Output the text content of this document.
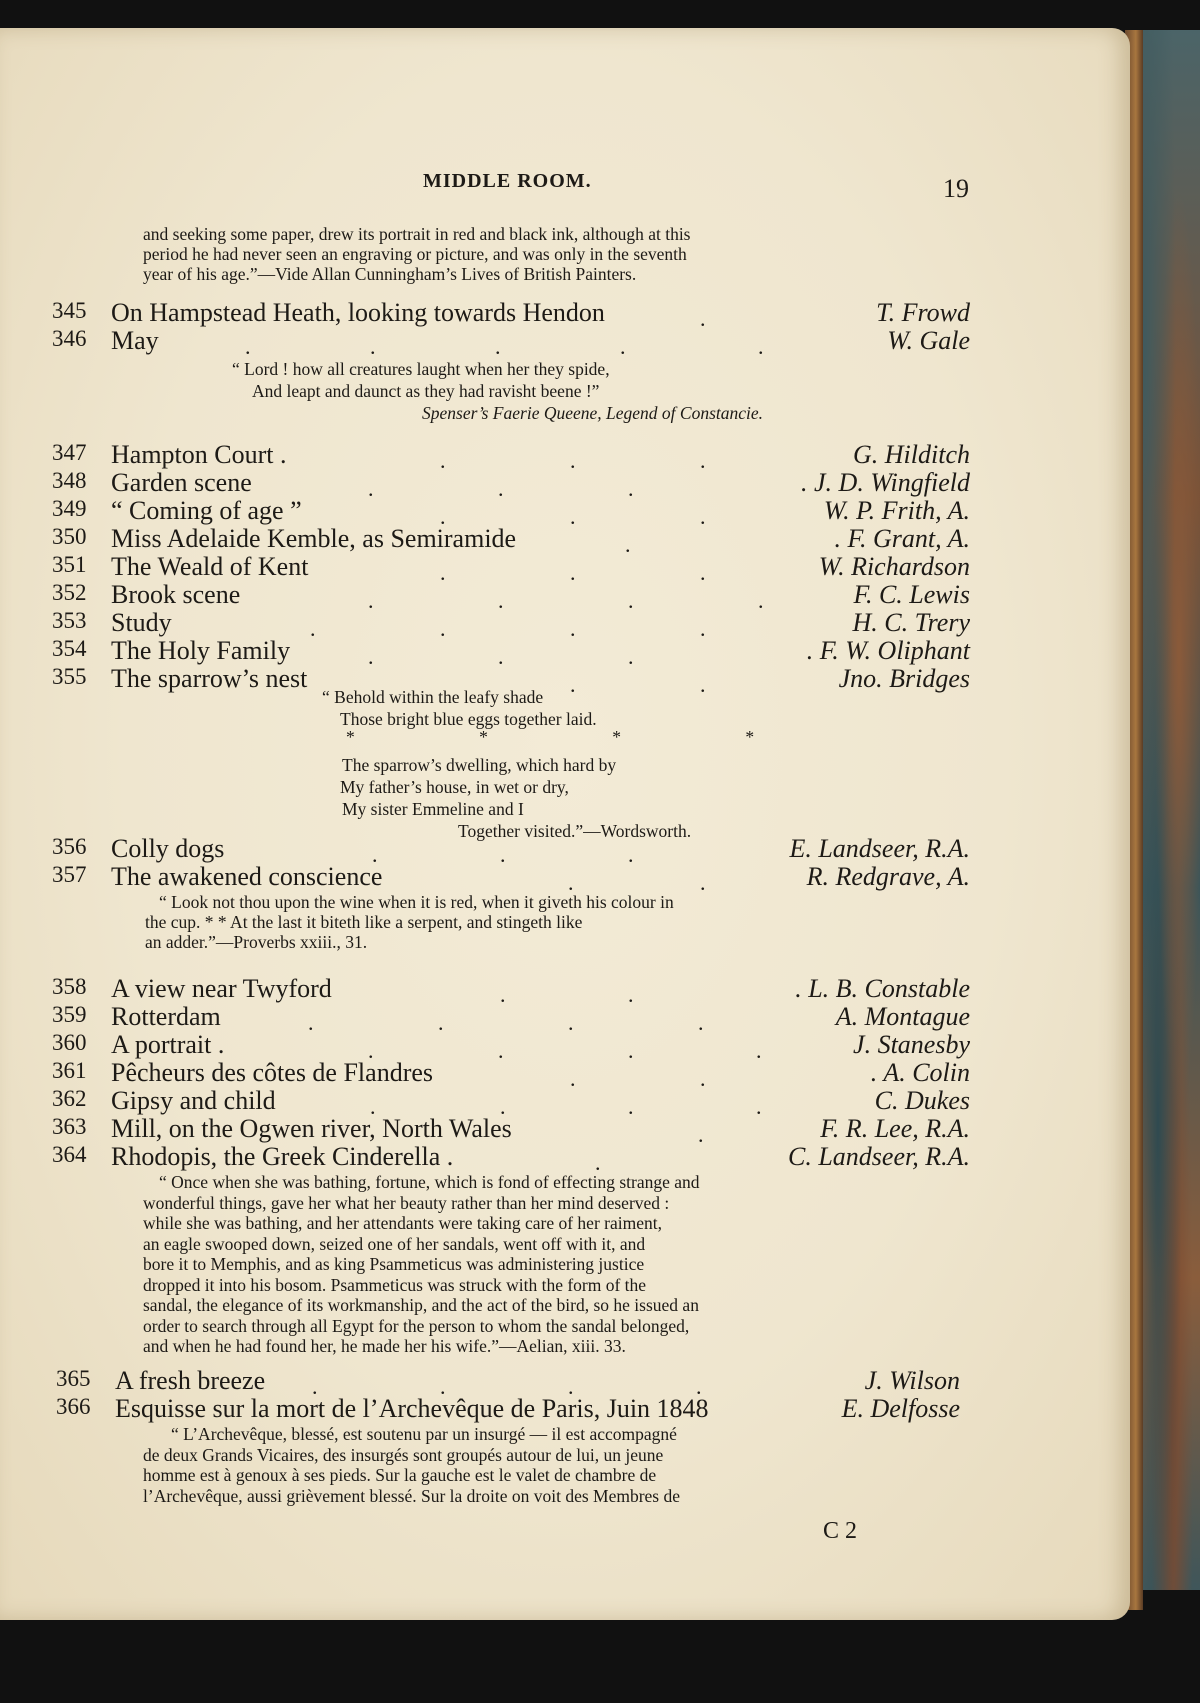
MIDDLE ROOM.	19
and seeking some paper, drew its portrait in red and black ink, although at this
period he had never seen an engraving or picture, and was only in the seventh
year of his age.”—Vide Allan Cunningham’s Lives of British Painters.
345 On Hampstead Heath, looking towards Hendon	.	T. Frowd
346 May	.	.	.	.	.	W. Gale
“ Lord ! how all creatures laught when her they spide,
And leapt and daunct as they had ravisht beene !”
Spenser’s Faerie Queene, Legend of Constancie.
347 Hampton Court .	.	.	.	G. Hilditch
348 Garden scene	.	.	.	. J. D. Wingfield
349 “ Coming of age ”	.	.	.	W. P. Frith, A.
350 Miss Adelaide Kemble, as Semiramide	.	. F. Grant, A.
351 The Weald of Kent	.	.	.	W. Richardson
352 Brook scene	.	.	.	.	F. C. Lewis
353 Study	.	.	.	.	H. C. Trery
354 The Holy Family	.	.	.	. F. W. Oliphant
355 The sparrow’s nest	.	.	Jno. Bridges
“ Behold within the leafy shade
Those bright blue eggs together laid.
* * * *
The sparrow’s dwelling, which hard by
My father’s house, in wet or dry,
My sister Emmeline and I
Together visited.”—Wordsworth.
356 Colly dogs	.	.	.	E. Landseer, R.A.
357 The awakened conscience	.	.	R. Redgrave, A.
“ Look not thou upon the wine when it is red, when it giveth his colour in
the cup. * * At the last it biteth like a serpent, and stingeth like
an adder.”—Proverbs xxiii., 31.
358 A view near Twyford	.	.	. L. B. Constable
359 Rotterdam	.	.	.	.	A. Montague
360 A portrait .	.	.	.	.	J. Stanesby
361 Pêcheurs des côtes de Flandres	.	.	. A. Colin
362 Gipsy and child	.	.	.	.	C. Dukes
363 Mill, on the Ogwen river, North Wales	.	F. R. Lee, R.A.
364 Rhodopis, the Greek Cinderella .	.	C. Landseer, R.A.
“ Once when she was bathing, fortune, which is fond of effecting strange and
wonderful things, gave her what her beauty rather than her mind deserved :
while she was bathing, and her attendants were taking care of her raiment,
an eagle swooped down, seized one of her sandals, went off with it, and
bore it to Memphis, and as king Psammeticus was administering justice
dropped it into his bosom. Psammeticus was struck with the form of the
sandal, the elegance of its workmanship, and the act of the bird, so he issued an
order to search through all Egypt for the person to whom the sandal belonged,
and when he had found her, he made her his wife.”—Aelian, xiii. 33.
365 A fresh breeze .	.	.	.	J. Wilson
366 Esquisse sur la mort de l’Archevêque de Paris, Juin 1848	E. Delfosse
“ L’Archevêque, blessé, est soutenu par un insurgé — il est accompagné
de deux Grands Vicaires, des insurgés sont groupés autour de lui, un jeune
homme est à genoux à ses pieds. Sur la gauche est le valet de chambre de
l’Archevêque, aussi grièvement blessé. Sur la droite on voit des Membres de
C 2
